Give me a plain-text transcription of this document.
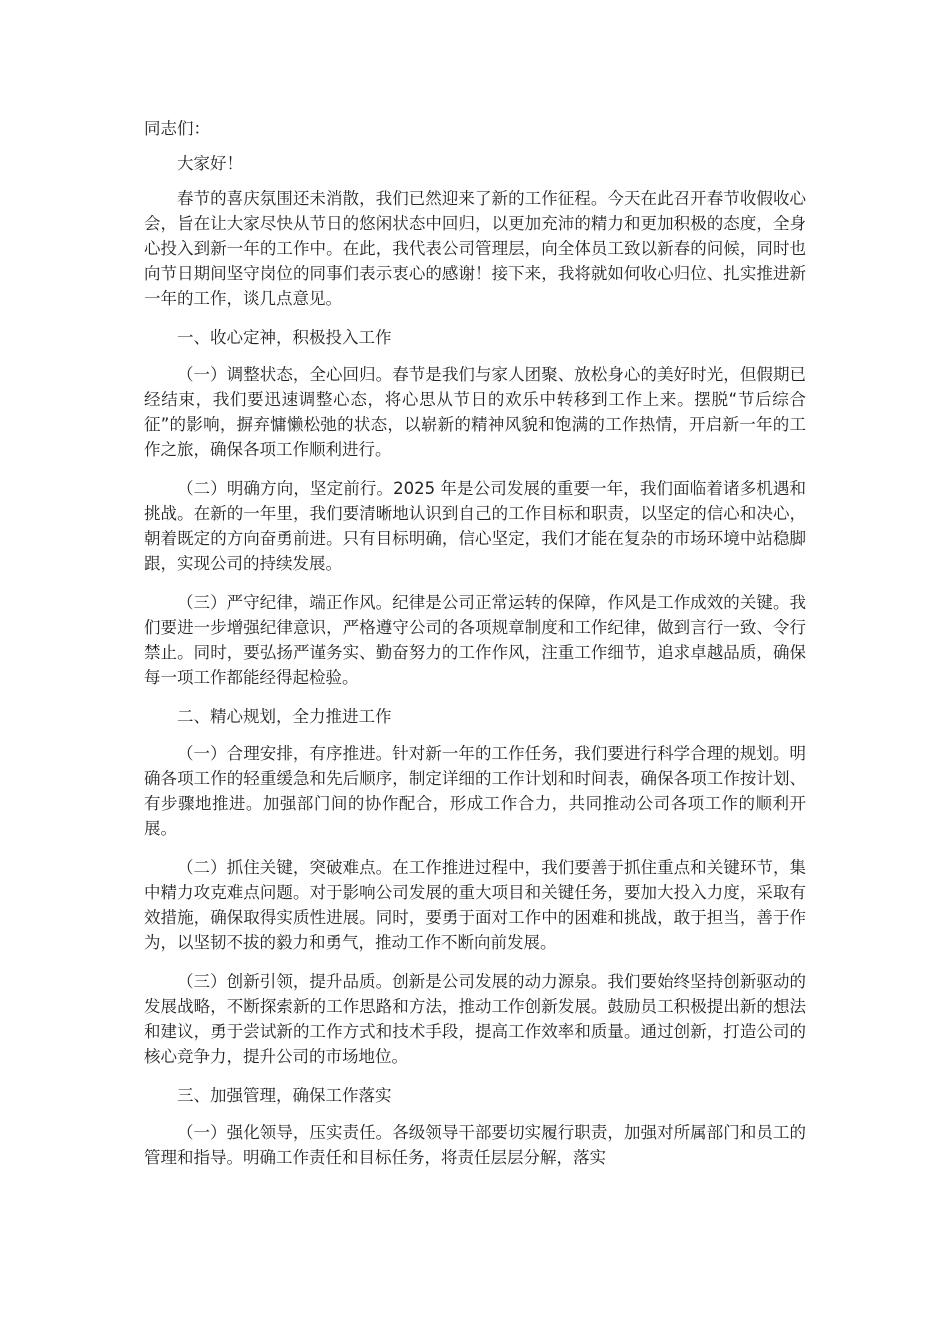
同志们：

大家好！

春节的喜庆氛围还未消散，我们已然迎来了新的工作征程。今天在此召开春节收假收心会，旨在让大家尽快从节日的悠闲状态中回归，以更加充沛的精力和更加积极的态度，全身心投入到新一年的工作中。在此，我代表公司管理层，向全体员工致以新春的问候，同时也向节日期间坚守岗位的同事们表示衷心的感谢！接下来，我将就如何收心归位、扎实推进新一年的工作，谈几点意见。

一、收心定神，积极投入工作

（一）调整状态，全心回归。春节是我们与家人团聚、放松身心的美好时光，但假期已经结束，我们要迅速调整心态，将心思从节日的欢乐中转移到工作上来。摆脱“节后综合征”的影响，摒弃慵懒松弛的状态，以崭新的精神风貌和饱满的工作热情，开启新一年的工作之旅，确保各项工作顺利进行。

（二）明确方向，坚定前行。2025 年是公司发展的重要一年，我们面临着诸多机遇和挑战。在新的一年里，我们要清晰地认识到自己的工作目标和职责，以坚定的信心和决心，朝着既定的方向奋勇前进。只有目标明确，信心坚定，我们才能在复杂的市场环境中站稳脚跟，实现公司的持续发展。

（三）严守纪律，端正作风。纪律是公司正常运转的保障，作风是工作成效的关键。我们要进一步增强纪律意识，严格遵守公司的各项规章制度和工作纪律，做到言行一致、令行禁止。同时，要弘扬严谨务实、勤奋努力的工作作风，注重工作细节，追求卓越品质，确保每一项工作都能经得起检验。

二、精心规划，全力推进工作

（一）合理安排，有序推进。针对新一年的工作任务，我们要进行科学合理的规划。明确各项工作的轻重缓急和先后顺序，制定详细的工作计划和时间表，确保各项工作按计划、有步骤地推进。加强部门间的协作配合，形成工作合力，共同推动公司各项工作的顺利开展。

（二）抓住关键，突破难点。在工作推进过程中，我们要善于抓住重点和关键环节，集中精力攻克难点问题。对于影响公司发展的重大项目和关键任务，要加大投入力度，采取有效措施，确保取得实质性进展。同时，要勇于面对工作中的困难和挑战，敢于担当，善于作为，以坚韧不拔的毅力和勇气，推动工作不断向前发展。

（三）创新引领，提升品质。创新是公司发展的动力源泉。我们要始终坚持创新驱动的发展战略，不断探索新的工作思路和方法，推动工作创新发展。鼓励员工积极提出新的想法和建议，勇于尝试新的工作方式和技术手段，提高工作效率和质量。通过创新，打造公司的核心竞争力，提升公司的市场地位。

三、加强管理，确保工作落实

（一）强化领导，压实责任。各级领导干部要切实履行职责，加强对所属部门和员工的管理和指导。明确工作责任和目标任务，将责任层层分解，落实
